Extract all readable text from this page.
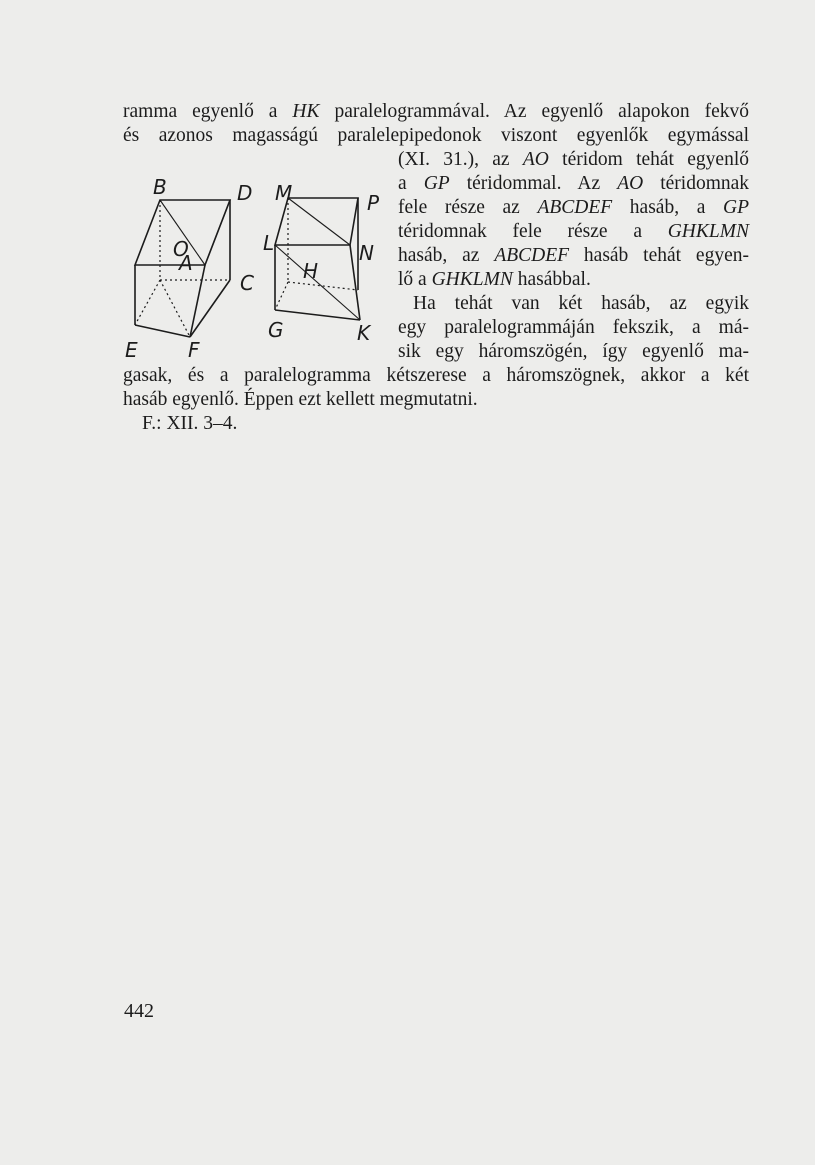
ramma egyenlő a HK paralelogrammával. Az egyenlő alapokon fekvő

és azonos magasságú paralelepipedonok viszont egyenlők egymással

(XI. 31.), az AO téridom tehát egyenlő

a GP téridommal. Az AO téridomnak

fele része az ABCDEF hasáb, a GP

téridomnak fele része a GHKLMN

hasáb, az ABCDEF hasáb tehát egyen-

lő a GHKLMN hasábbal.

Ha tehát van két hasáb, az egyik

egy paralelogrammáján fekszik, a má-

sik egy háromszögén, így egyenlő ma-

gasak, és a paralelogramma kétszerese a háromszögnek, akkor a két

hasáb egyenlő. Éppen ezt kellett megmutatni.

F.: XII. 3–4.

B	D M	P
O	L	N
A	H
C
G	K
E	F
442
